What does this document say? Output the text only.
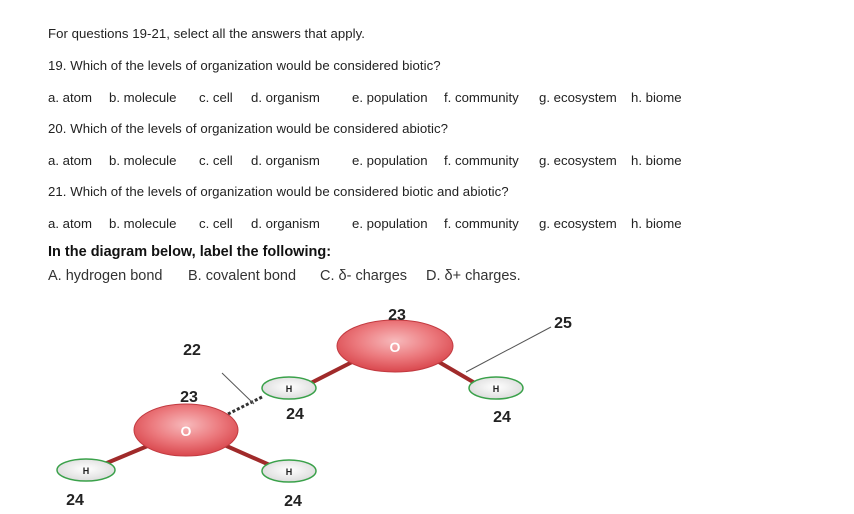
For questions 19-21, select all the answers that apply.
19. Which of the levels of organization would be considered biotic?
a. atom b. molecule c. cell d. organism e. population f. community g. ecosystem h. biome
20. Which of the levels of organization would be considered abiotic?
a. atom b. molecule c. cell d. organism e. population f. community g. ecosystem h. biome
21. Which of the levels of organization would be considered biotic and abiotic?
a. atom b. molecule c. cell d. organism e. population f. community g. ecosystem h. biome
In the diagram below, label the following:
A. hydrogen bond B. covalent bond C. δ- charges D. δ+ charges.
O
O
H	H
H	H
23	25
22
23
24	24
24	24
